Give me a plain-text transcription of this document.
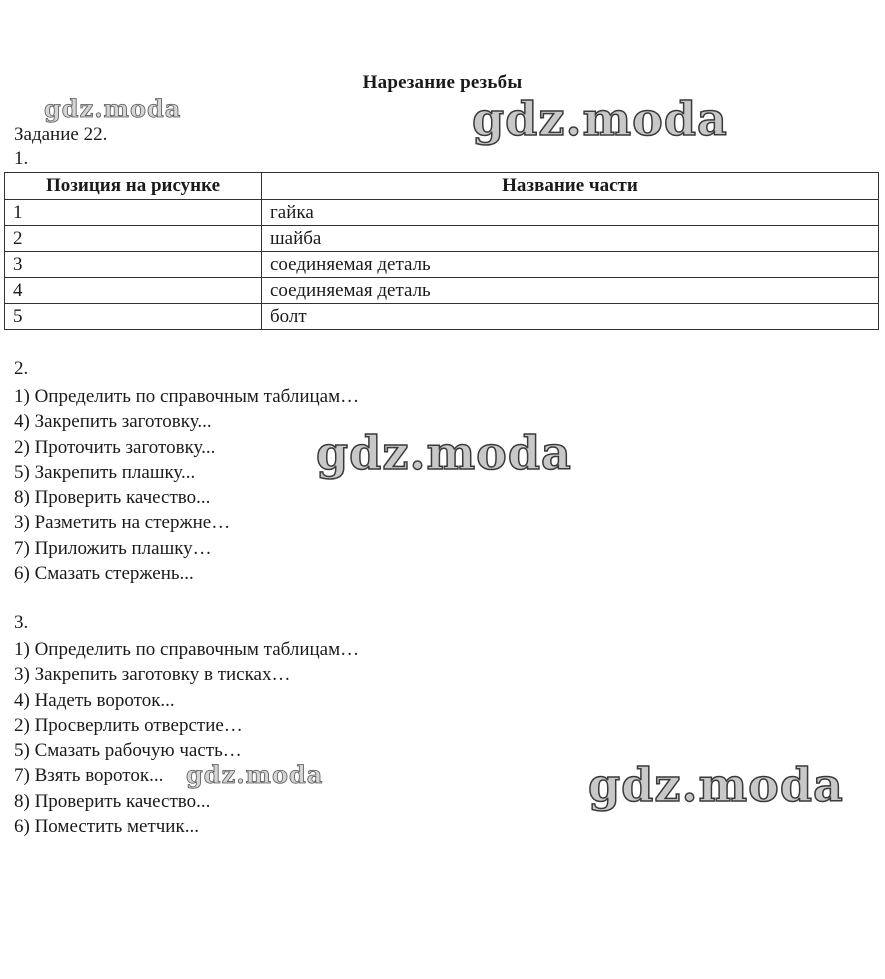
Нарезание резьбы
Задание 22.
1.
Позиция на рисунке	Название части
1	гайка
2	шайба
3	соединяемая деталь
4	соединяемая деталь
5	болт
2.
1) Определить по справочным таблицам…
4) Закрепить заготовку...
2) Проточить заготовку...
5) Закрепить плашку...
8) Проверить качество...
3) Разметить на стержне…
7) Приложить плашку…
6) Смазать стержень...
3.
1) Определить по справочным таблицам…
3) Закрепить заготовку в тисках…
4) Надеть вороток...
2) Просверлить отверстие…
5) Смазать рабочую часть…
7) Взять вороток...
8) Проверить качество...
6) Поместить метчик...
gdz.moda	gdz.moda
gdz.moda
gdz.moda	gdz.moda
